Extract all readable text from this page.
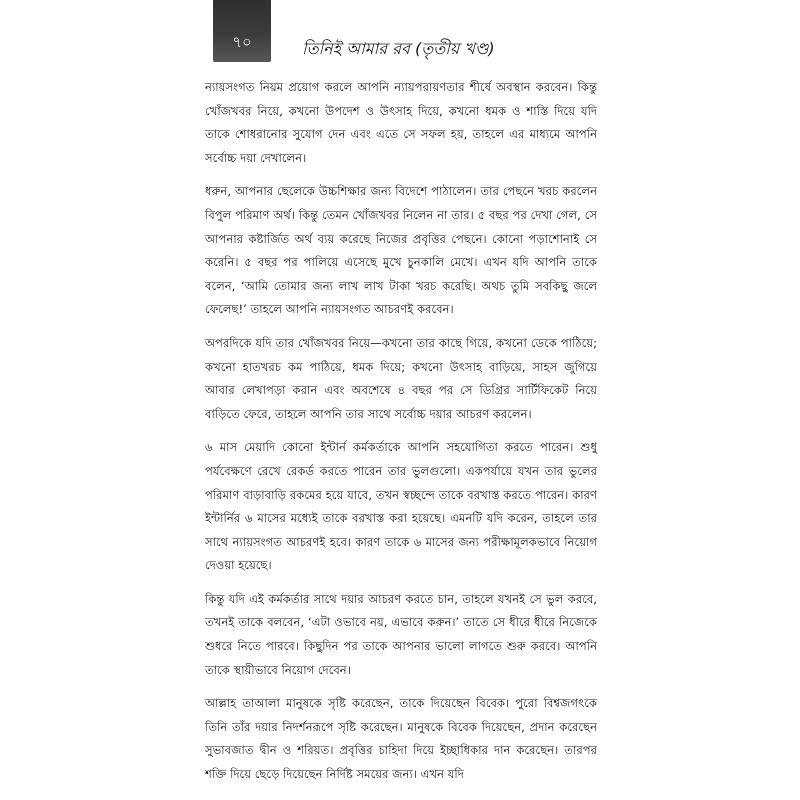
৭০	তিনিই আমার রব (তৃতীয় খণ্ড)

ন্যায়সংগত নিয়ম প্রয়োগ করলে আপনি ন্যায়পরায়ণতার শীর্ষে অবস্থান করবেন। কিন্তু খোঁজখবর নিয়ে, কখনো উপদেশ ও উৎসাহ দিয়ে, কখনো ধমক ও শাস্তি দিয়ে যদি তাকে শোধরানোর সুযোগ দেন এবং এতে সে সফল হয়, তাহলে এর মাধ্যমে আপনি সর্বোচ্চ দয়া দেখালেন।

ধরুন, আপনার ছেলেকে উচ্চশিক্ষার জন্য বিদেশে পাঠালেন। তার পেছনে খরচ করলেন বিপুল পরিমাণ অর্থ। কিন্তু তেমন খোঁজখবর নিলেন না তার। ৫ বছর পর দেখা গেল, সে আপনার কষ্টার্জিত অর্থ ব্যয় করেছে নিজের প্রবৃত্তির পেছনে। কোনো পড়াশোনাই সে করেনি। ৫ বছর পর পালিয়ে এসেছে মুখে চুনকালি মেখে। এখন যদি আপনি তাকে বলেন, ‘আমি তোমার জন্য লাখ লাখ টাকা খরচ করেছি। অথচ তুমি সবকিছু জলে ফেলেছ!’ তাহলে আপনি ন্যায়সংগত আচরণই করবেন।

অপরদিকে যদি তার খোঁজখবর নিয়ে—কখনো তার কাছে গিয়ে, কখনো ডেকে পাঠিয়ে; কখনো হাতখরচ কম পাঠিয়ে, ধমক দিয়ে; কখনো উৎসাহ বাড়িয়ে, সাহস জুগিয়ে আবার লেখাপড়া করান এবং অবশেষে ৪ বছর পর সে ডিগ্রির সার্টিফিকেট নিয়ে বাড়িতে ফেরে, তাহলে আপনি তার সাথে সর্বোচ্চ দয়ার আচরণ করলেন।

৬ মাস মেয়াদি কোনো ইন্টার্ন কর্মকর্তাকে আপনি সহযোগিতা করতে পারেন। শুধু পর্যবেক্ষণে রেখে রেকর্ড করতে পারেন তার ভুলগুলো। একপর্যায়ে যখন তার ভুলের পরিমাণ বাড়াবাড়ি রকমের হয়ে যাবে, তখন স্বচ্ছন্দে তাকে বরখাস্ত করতে পারেন। কারণ ইন্টার্নির ৬ মাসের মধ্যেই তাকে বরখাস্ত করা হয়েছে। এমনটি যদি করেন, তাহলে তার সাথে ন্যায়সংগত আচরণই হবে। কারণ তাকে ৬ মাসের জন্য পরীক্ষামূলকভাবে নিয়োগ দেওয়া হয়েছে।

কিন্তু যদি এই কর্মকর্তার সাথে দয়ার আচরণ করতে চান, তাহলে যখনই সে ভুল করবে, তখনই তাকে বলবেন, ‘এটা ওভাবে নয়, এভাবে করুন।’ তাতে সে ধীরে ধীরে নিজেকে শুধরে নিতে পারবে। কিছুদিন পর তাকে আপনার ভালো লাগতে শুরু করবে। আপনি তাকে স্থায়ীভাবে নিয়োগ দেবেন।

আল্লাহ তাআলা মানুষকে সৃষ্টি করেছেন, তাকে দিয়েছেন বিবেক। পুরো বিশ্বজগৎকে তিনি তাঁর দয়ার নিদর্শনরূপে সৃষ্টি করেছেন। মানুষকে বিবেক দিয়েছেন, প্রদান করেছেন সুভাবজাত দ্বীন ও শরিয়ত। প্রবৃত্তির চাহিদা দিয়ে ইচ্ছাধিকার দান করেছেন। তারপর শক্তি দিয়ে ছেড়ে দিয়েছেন নির্দিষ্ট সময়ের জন্য। এখন যদি
